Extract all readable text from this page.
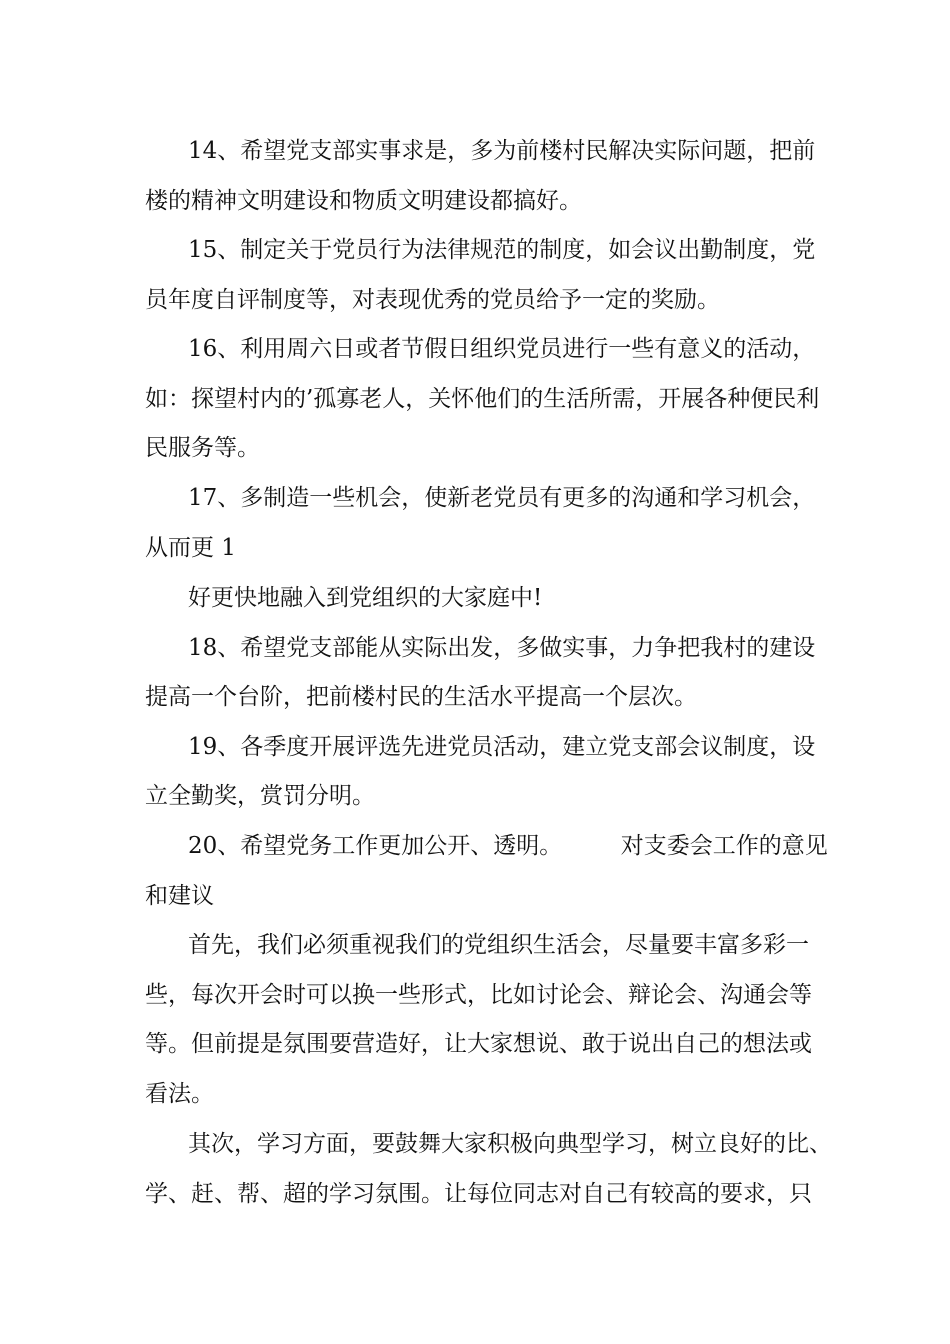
14、希望党支部实事求是，多为前楼村民解决实际问题，把前
楼的精神文明建设和物质文明建设都搞好。
15、制定关于党员行为法律规范的制度，如会议出勤制度，党
员年度自评制度等，对表现优秀的党员给予一定的奖励。
16、利用周六日或者节假日组织党员进行一些有意义的活动，
如：探望村内的’孤寡老人，关怀他们的生活所需，开展各种便民利
民服务等。
17、多制造一些机会，使新老党员有更多的沟通和学习机会，
从而更 1
好更快地融入到党组织的大家庭中!
18、希望党支部能从实际出发，多做实事，力争把我村的建设
提高一个台阶，把前楼村民的生活水平提高一个层次。
19、各季度开展评选先进党员活动，建立党支部会议制度，设
立全勤奖，赏罚分明。
20、希望党务工作更加公开、透明。        对支委会工作的意见
和建议
首先，我们必须重视我们的党组织生活会，尽量要丰富多彩一
些，每次开会时可以换一些形式，比如讨论会、辩论会、沟通会等
等。但前提是氛围要营造好，让大家想说、敢于说出自己的想法或
看法。
其次，学习方面，要鼓舞大家积极向典型学习，树立良好的比、
学、赶、帮、超的学习氛围。让每位同志对自己有较高的要求，只
